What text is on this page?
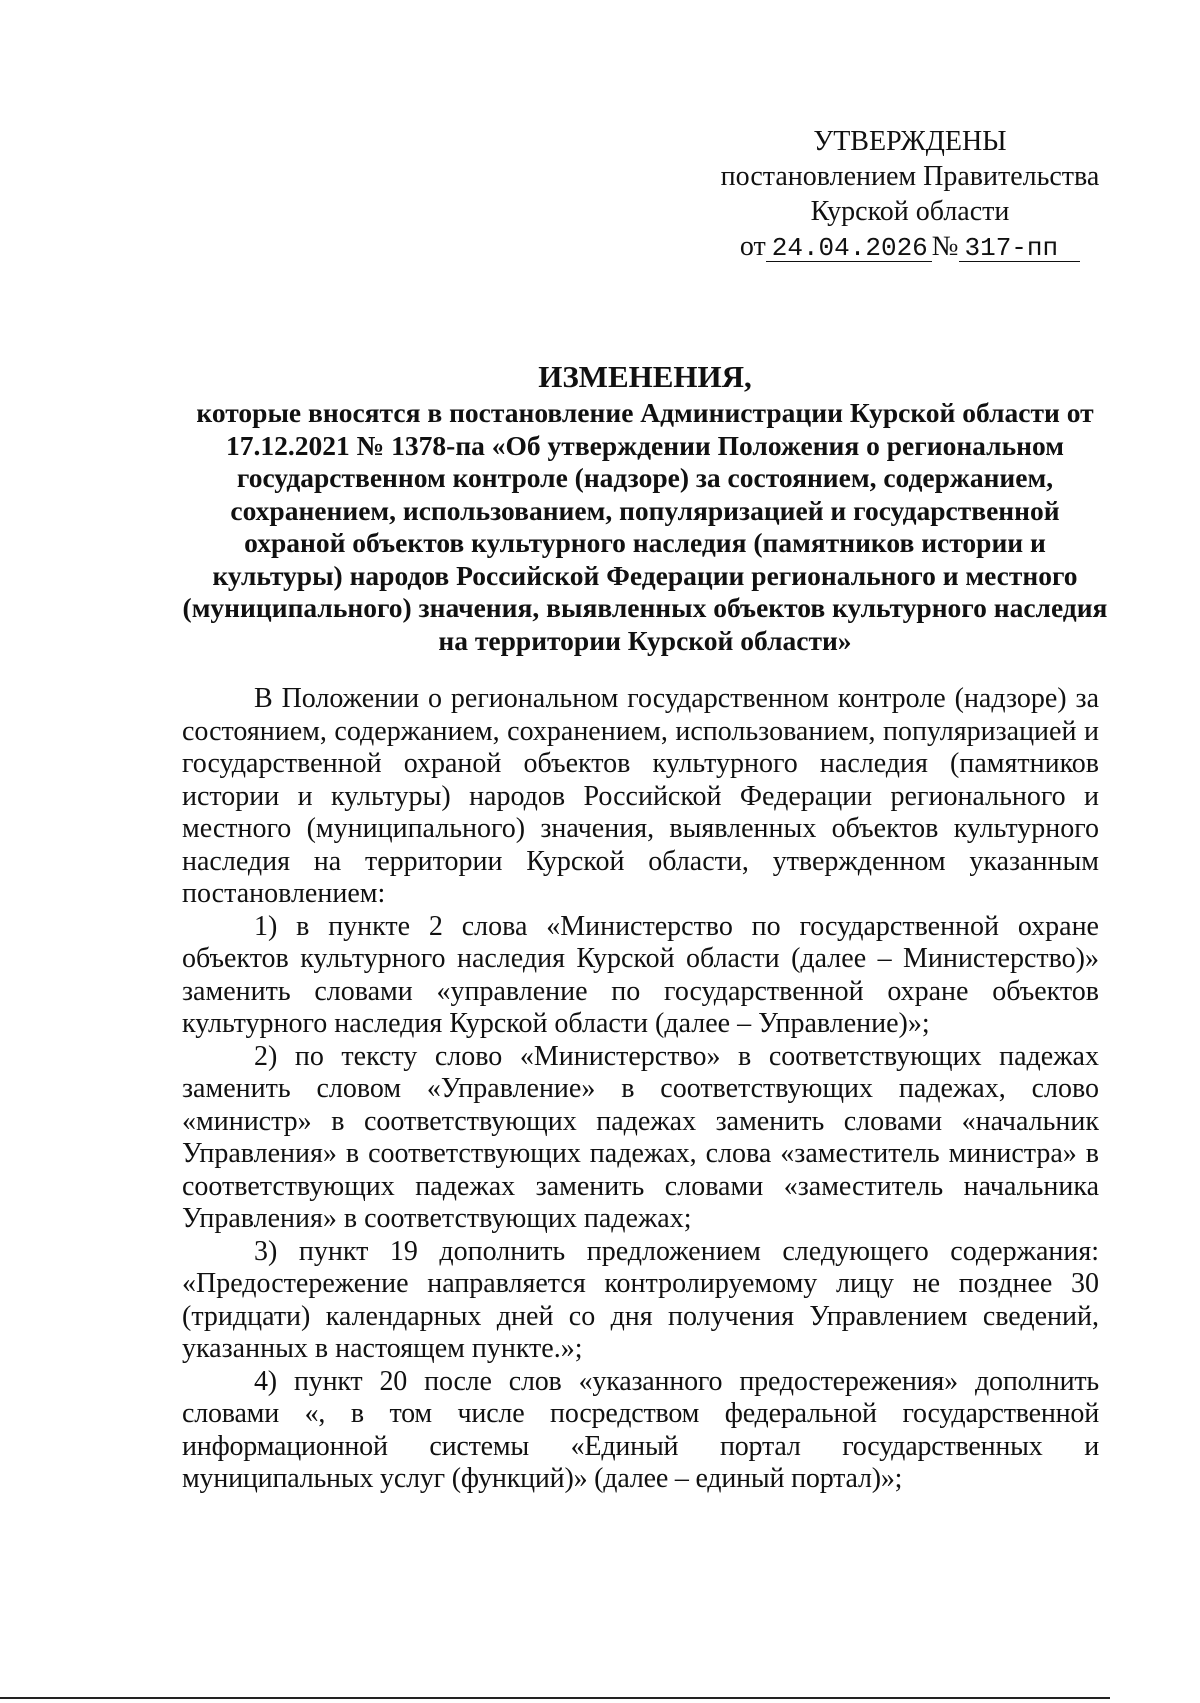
УТВЕРЖДЕНЫ
постановлением Правительства
Курской области
от 24.04.2026 № 317-пп
ИЗМЕНЕНИЯ,
которые вносятся в постановление Администрации Курской области от 17.12.2021 № 1378-па «Об утверждении Положения о региональном государственном контроле (надзоре) за состоянием, содержанием, сохранением, использованием, популяризацией и государственной охраной объектов культурного наследия (памятников истории и культуры) народов Российской Федерации регионального и местного (муниципального) значения, выявленных объектов культурного наследия на территории Курской области»

В Положении о региональном государственном контроле (надзоре) за состоянием, содержанием, сохранением, использованием, популяризацией и государственной охраной объектов культурного наследия (памятников истории и культуры) народов Российской Федерации регионального и местного (муниципального) значения, выявленных объектов культурного наследия на территории Курской области, утвержденном указанным постановлением:

1) в пункте 2 слова «Министерство по государственной охране объектов культурного наследия Курской области (далее – Министерство)» заменить словами «управление по государственной охране объектов культурного наследия Курской области (далее – Управление)»;

2) по тексту слово «Министерство» в соответствующих падежах заменить словом «Управление» в соответствующих падежах, слово «министр» в соответствующих падежах заменить словами «начальник Управления» в соответствующих падежах, слова «заместитель министра» в соответствующих падежах заменить словами «заместитель начальника Управления» в соответствующих падежах;

3) пункт 19 дополнить предложением следующего содержания: «Предостережение направляется контролируемому лицу не позднее 30 (тридцати) календарных дней со дня получения Управлением сведений, указанных в настоящем пункте.»;

4) пункт 20 после слов «указанного предостережения» дополнить словами «, в том числе посредством федеральной государственной информационной системы «Единый портал государственных и муниципальных услуг (функций)» (далее – единый портал)»;
